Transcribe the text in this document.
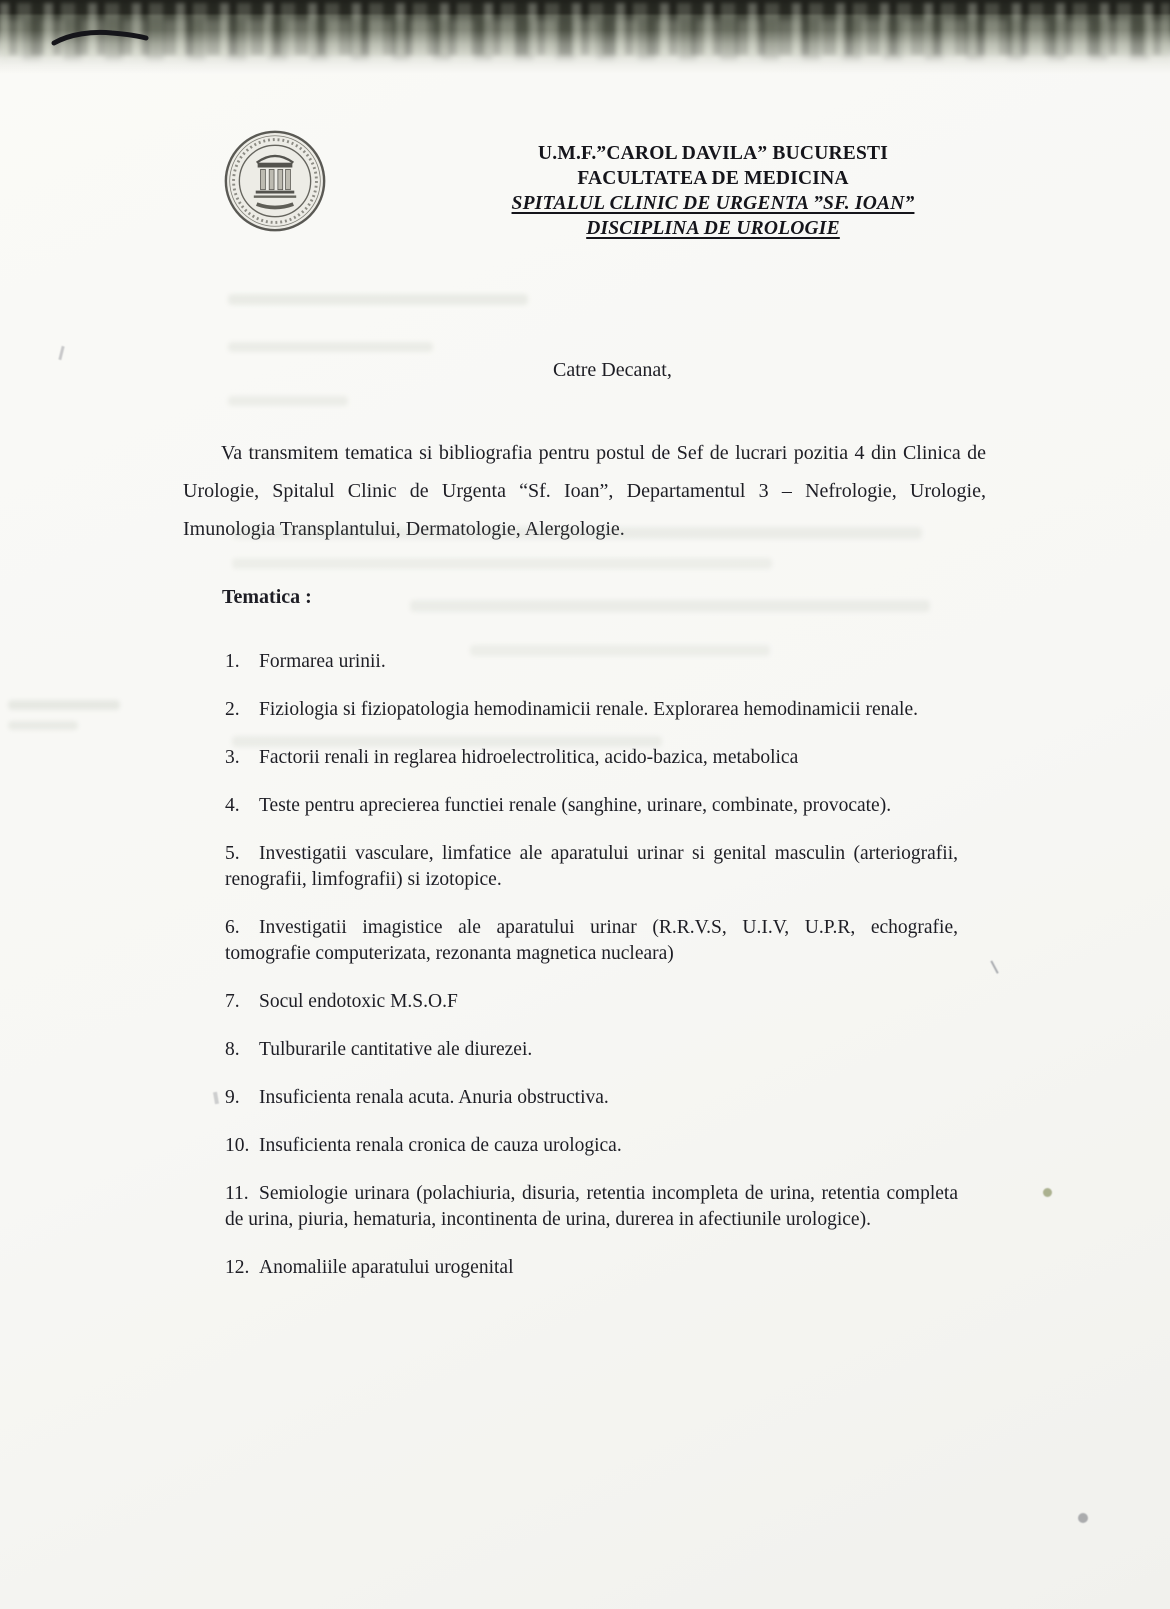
U.M.F.”CAROL DAVILA” BUCURESTI
FACULTATEA DE MEDICINA
SPITALUL CLINIC DE URGENTA ”SF. IOAN”
DISCIPLINA DE UROLOGIE
Catre Decanat,

Va transmitem tematica si bibliografia pentru postul de Sef de lucrari pozitia 4 din Clinica de Urologie, Spitalul Clinic de Urgenta “Sf. Ioan”, Departamentul 3 – Nefrologie, Urologie, Imunologia Transplantului, Dermatologie, Alergologie.

Tematica :
1. Formarea urinii.
2. Fiziologia si fiziopatologia hemodinamicii renale. Explorarea hemodinamicii renale.
3. Factorii renali in reglarea hidroelectrolitica, acido-bazica, metabolica
4. Teste pentru aprecierea functiei renale (sanghine, urinare, combinate, provocate).
5. Investigatii vasculare, limfatice ale aparatului urinar si genital masculin (arteriografii, renografii, limfografii) si izotopice.
6. Investigatii imagistice ale aparatului urinar (R.R.V.S, U.I.V, U.P.R, echografie, tomografie computerizata, rezonanta magnetica nucleara)
7. Socul endotoxic M.S.O.F
8. Tulburarile cantitative ale diurezei.
9. Insuficienta renala acuta. Anuria obstructiva.
10. Insuficienta renala cronica de cauza urologica.
11. Semiologie urinara (polachiuria, disuria, retentia incompleta de urina, retentia completa de urina, piuria, hematuria, incontinenta de urina, durerea in afectiunile urologice).
12. Anomaliile aparatului urogenital
